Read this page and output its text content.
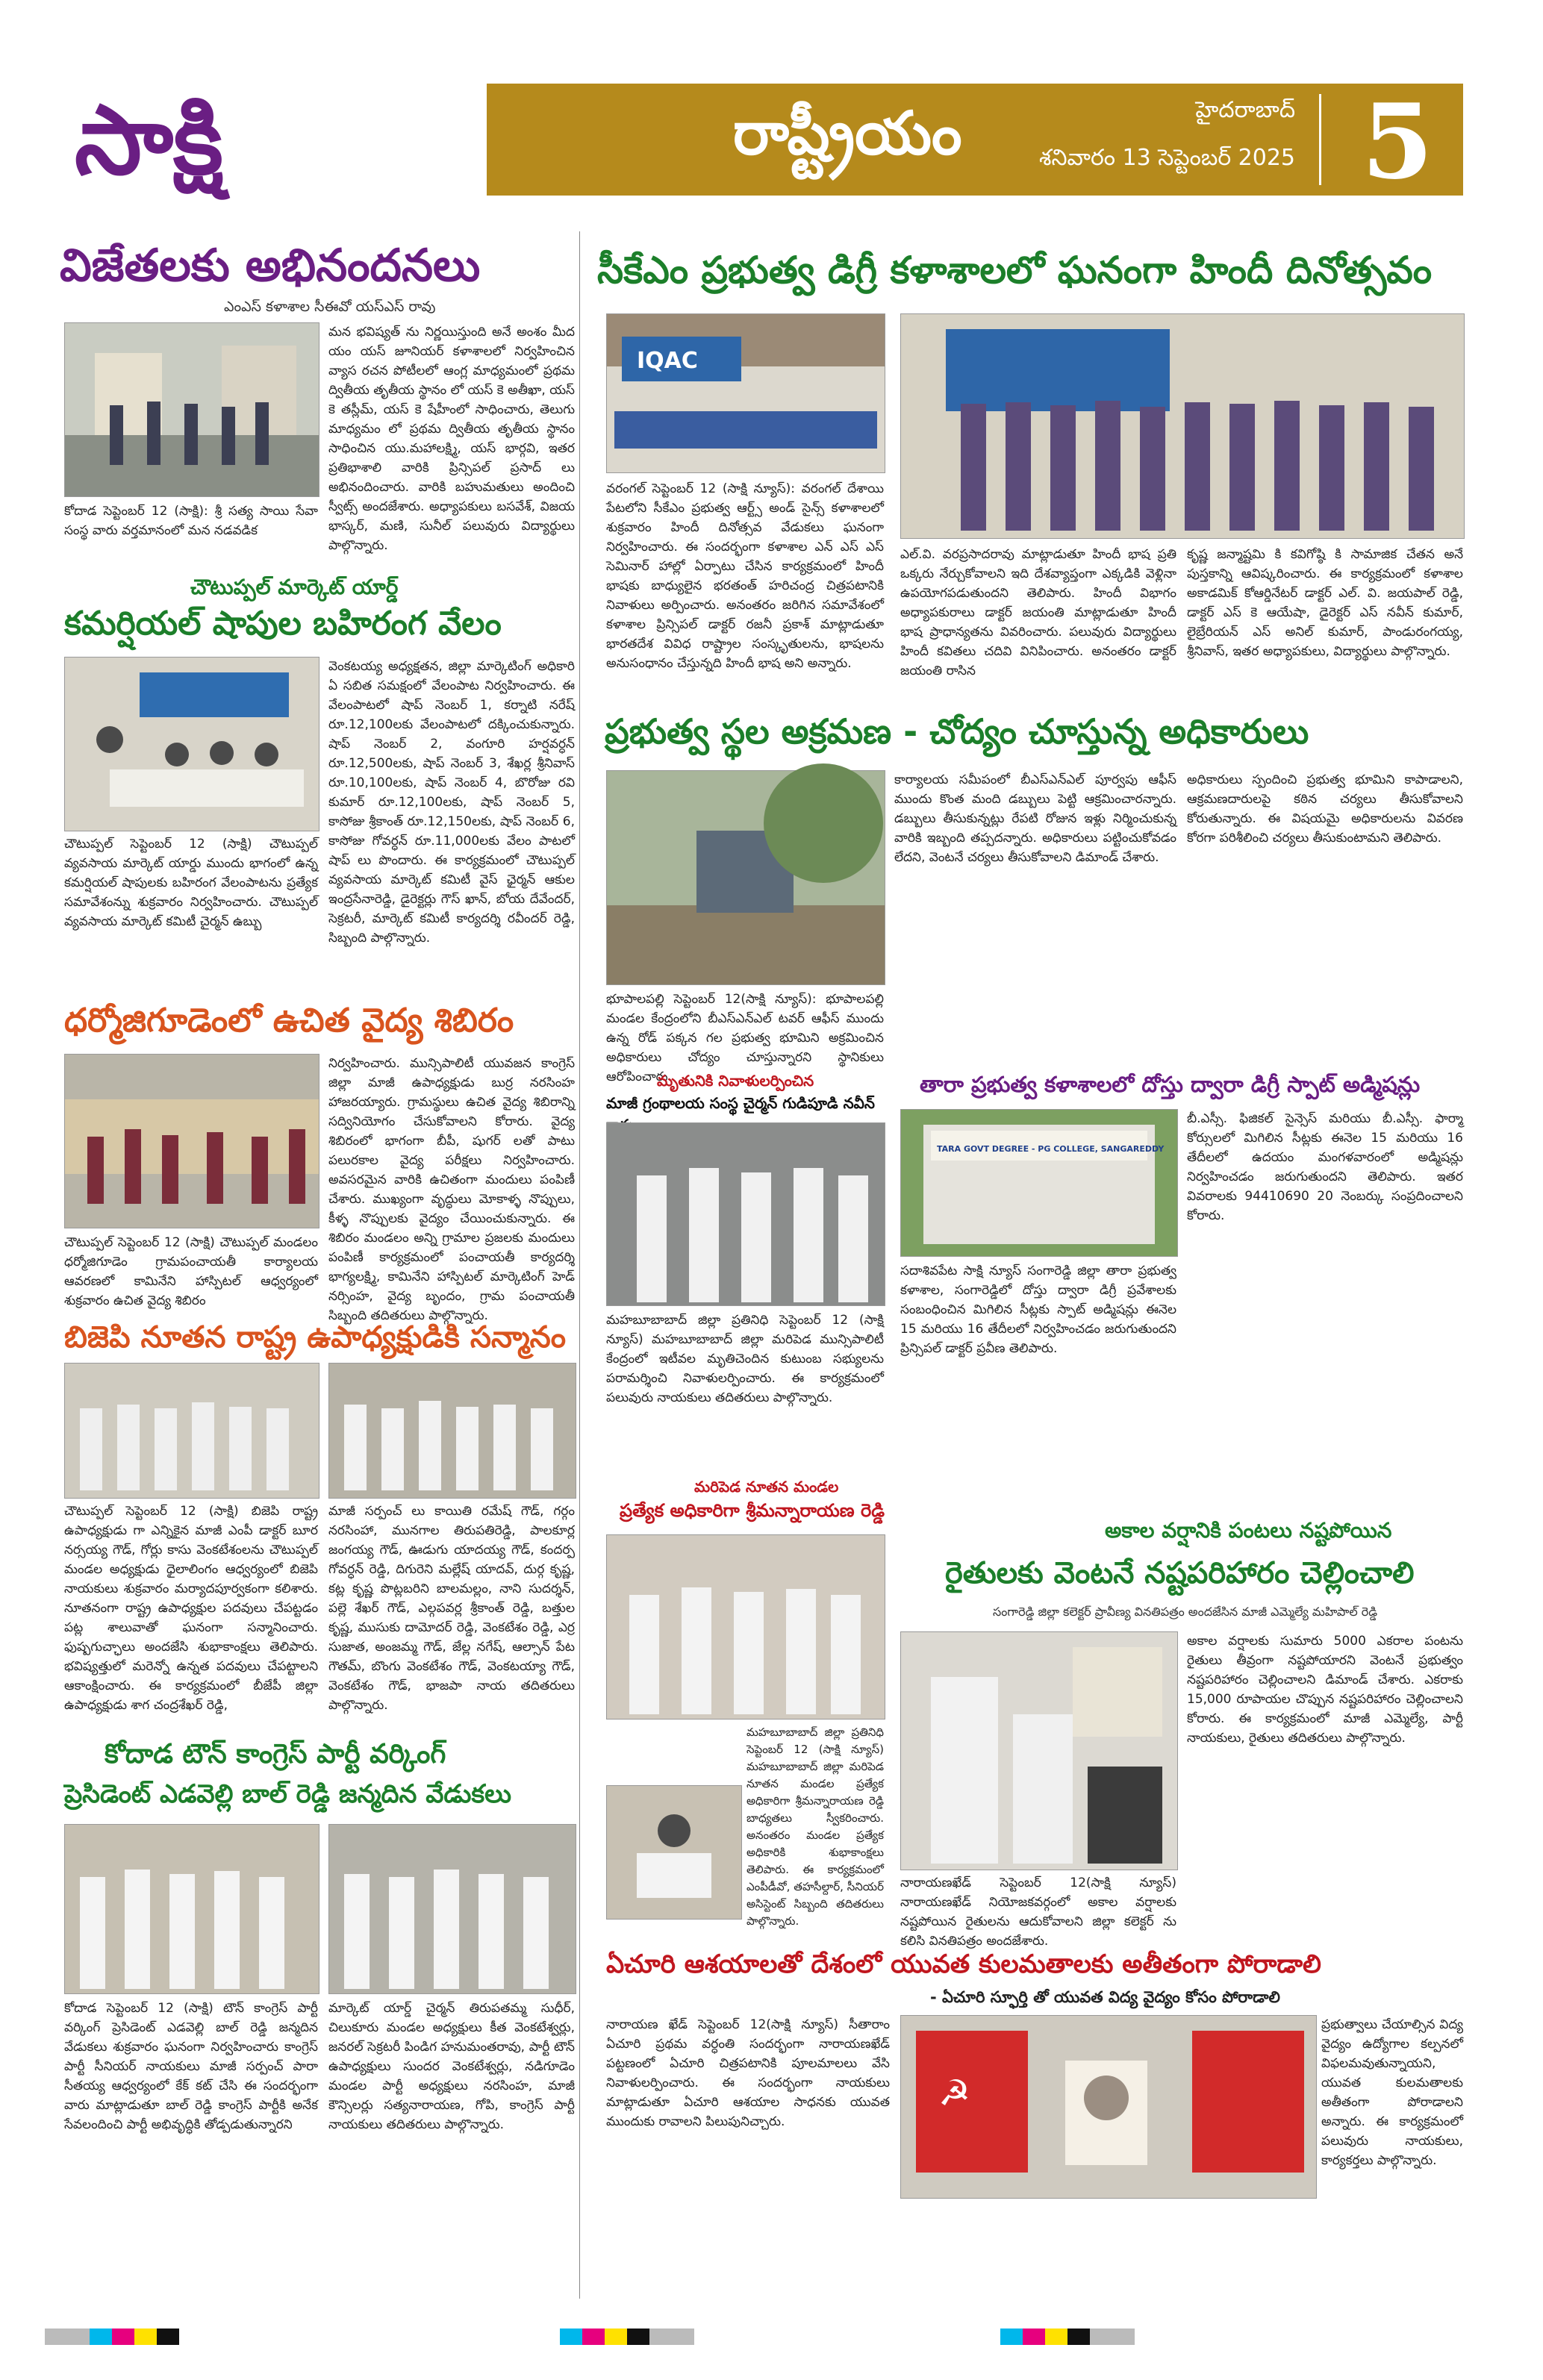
సాక్షి	రాష్ట్రీయం	హైదరాబాద్
శనివారం 13 సెప్టెంబర్ 2025 5
విజేతలకు అభినందనలు
ఎంఎస్ కళాశాల సీఈవో యస్ఎస్ రావు
కోదాడ సెప్టెంబర్ 12 (సాక్షి): శ్రీ సత్య సాయి సేవా సంస్థ వారు వర్తమానంలో మన నడవడిక
మన భవిష్యత్ ను నిర్ణయిస్తుంది అనే అంశం మీద యం యస్ జూనియర్ కళాశాలలో నిర్వహించిన వ్యాస రచన పోటీలలో ఆంగ్ల మాధ్యమంలో ప్రథమ ద్వితీయ తృతీయ స్థానం లో యస్ కె అతీఖా, యస్ కె తస్లీమ్, యస్ కె షేహీంలో సాధించారు, తెలుగు మాధ్యమం లో ప్రథమ ద్వితీయ తృతీయ స్థానం సాధించిన యు.మహాలక్ష్మి, యస్ భార్గవి, ఇతర ప్రతిభాశాలి వారికి ప్రిన్సిపల్ ప్రసాద్ లు అభినందించారు. వారికి బహుమతులు అందించి స్వీట్స్ అందజేశారు. అధ్యాపకులు బసవేశ్, విజయ భాస్కర్, మణి, సునీల్ పలువురు విద్యార్థులు పాల్గొన్నారు.
చౌటుప్పల్ మార్కెట్ యార్డ్
కమర్షియల్ షాపుల బహిరంగ వేలం
చౌటుప్పల్ సెప్టెంబర్ 12 (సాక్షి) చౌటుప్పల్ వ్యవసాయ మార్కెట్ యార్డు ముందు భాగంలో ఉన్న కమర్షియల్ షాపులకు బహిరంగ వేలంపాటను ప్రత్యేక సమావేశంన్ను శుక్రవారం నిర్వహించారు. చౌటుప్పల్ వ్యవసాయ మార్కెట్ కమిటీ చైర్మన్ ఉబ్బు
వెంకటయ్య అధ్యక్షతన, జిల్లా మార్కెటింగ్ అధికారి ఏ సబిత సమక్షంలో వేలంపాట నిర్వహించారు. ఈ వేలంపాటలో షాప్ నెంబర్ 1, కర్నాటి నరేష్ రూ.12,100లకు వేలంపాటలో దక్కించుకున్నారు. షాప్ నెంబర్ 2, వంగూరి హర్షవర్ధన్ రూ.12,500లకు, షాప్ నెంబర్ 3, శేఖర్ల శ్రీనివాస్ రూ.10,100లకు, షాప్ నెంబర్ 4, బొరోజు రవి కుమార్ రూ.12,100లకు, షాప్ నెంబర్ 5, కాసోజు శ్రీకాంత్ రూ.12,150లకు, షాప్ నెంబర్ 6, కాసోజు గోవర్ధన్ రూ.11,000లకు వేలం పాటలో షాప్ లు పొందారు. ఈ కార్యక్రమంలో చౌటుప్పల్ వ్యవసాయ మార్కెట్ కమిటీ వైస్ ఛైర్మన్ ఆకుల ఇంద్రసేనారెడ్డి, డైరెక్టర్లు గౌస్ ఖాన్, బోయ దేవేందర్, సెక్రటరీ, మార్కెట్ కమిటీ కార్యదర్శి రవీందర్ రెడ్డి, సిబ్బంది పాల్గొన్నారు.
ధర్మోజిగూడెంలో ఉచిత వైద్య శిబిరం
చౌటుప్పల్ సెప్టెంబర్ 12 (సాక్షి) చౌటుప్పల్ మండలం ధర్మోజిగూడెం గ్రామపంచాయతీ కార్యాలయ ఆవరణలో కామినేని హాస్పిటల్ ఆధ్వర్యంలో శుక్రవారం ఉచిత వైద్య శిబిరం
నిర్వహించారు. మున్సిపాలిటీ యువజన కాంగ్రెస్ జిల్లా మాజీ ఉపాధ్యక్షుడు బుర్ర నరసింహ హాజరయ్యారు. గ్రామస్థులు ఉచిత వైద్య శిబిరాన్ని సద్వినియోగం చేసుకోవాలని కోరారు. వైద్య శిబిరంలో భాగంగా బీపీ, షుగర్ లతో పాటు పలురకాల వైద్య పరీక్షలు నిర్వహించారు. అవసరమైన వారికి ఉచితంగా మందులు పంపిణీ చేశారు. ముఖ్యంగా వృద్ధులు మోకాళ్ళ నొప్పులు, కీళ్ళ నొప్పులకు వైద్యం చేయించుకున్నారు. ఈ శిబిరం మండలం అన్ని గ్రామాల ప్రజలకు మందులు పంపిణీ కార్యక్రమంలో పంచాయతీ కార్యదర్శి భాగ్యలక్ష్మి, కామినేని హాస్పిటల్ మార్కెటింగ్ హెడ్ నర్సింహ, వైద్య బృందం, గ్రామ పంచాయతీ సిబ్బంది తదితరులు పాల్గొన్నారు.
బిజెపి నూతన రాష్ట్ర ఉపాధ్యక్షుడికి సన్మానం
చౌటుప్పల్ సెప్టెంబర్ 12 (సాక్షి) బిజెపి రాష్ట్ర ఉపాధ్యక్షుడు గా ఎన్నికైన మాజీ ఎంపీ డాక్టర్ బూర నర్సయ్య గౌడ్, గోర్లు కాసు వెంకటేశంలను చౌటుప్పల్ మండల అధ్యక్షుడు ధైలాలింగం ఆధ్వర్యంలో బిజెపి నాయకులు శుక్రవారం మర్యాదపూర్వకంగా కలిశారు. నూతనంగా రాష్ట్ర ఉపాధ్యక్షుల పదవులు చేపట్టడం పట్ల శాలువాతో ఘనంగా సన్మానించారు. ఫుష్పగుచ్ఛాలు అందజేసి శుభాకాంక్షలు తెలిపారు. భవిష్యత్తులో మరెన్నో ఉన్నత పదవులు చేపట్టాలని ఆకాంక్షించారు. ఈ కార్యక్రమంలో బీజేపీ జిల్లా ఉపాధ్యక్షుడు శాగ చంద్రశేఖర్ రెడ్డి,
మాజీ సర్పంచ్ లు కాయితి రమేష్ గౌడ్, గర్గం నరసింహా, మునగాల తిరుపతిరెడ్డి, పాలకూర్ల జంగయ్య గౌడ్, ఊడుగు యాదయ్య గౌడ్, కందర్ప గోవర్ధన్ రెడ్డి, దిగురెని మల్లేష్ యాదవ్, దుర్గ కృష్ణ, కట్ల కృష్ణ పొట్లబరిని బాలమల్లం, నాని సుదర్శన్, పల్లె శేఖర్ గౌడ్, ఎల్గపవర్ల శ్రీకాంత్ రెడ్డి, బత్తుల కృష్ణ, ముసుకు దామోదర్ రెడ్డి, వెంకటేశం రెడ్డి, ఎర్ర సుజాత, అంజమ్మ గౌడ్, జేల్ల నగేష్, ఆల్సాన్ పేట గౌతమ్, బొంగు వెంకటేశం గౌడ్, వెంకటయ్యా గౌడ్, వెంకటేశం గౌడ్, భాజపా నాయ తదితరులు పాల్గొన్నారు.
కోదాడ టౌన్ కాంగ్రెస్ పార్టీ వర్కింగ్
ప్రెసిడెంట్ ఎడవెల్లి బాల్ రెడ్డి జన్మదిన వేడుకలు
కోదాడ సెప్టెంబర్ 12 (సాక్షి) టౌన్ కాంగ్రెస్ పార్టీ వర్కింగ్ ప్రెసిడెంట్ ఎడవెల్లి బాల్ రెడ్డి జన్మదిన వేడుకలు శుక్రవారం ఘనంగా నిర్వహించారు కాంగ్రెస్ పార్టీ సీనియర్ నాయకులు మాజీ సర్పంచ్ పారా సీతయ్య ఆధ్వర్యంలో కేక్ కట్ చేసి ఈ సందర్భంగా వారు మాట్లాడుతూ బాల్ రెడ్డి కాంగ్రెస్ పార్టీకి అనేక సేవలందించి పార్టీ అభివృద్ధికి తోడ్పడుతున్నారని
మార్కెట్ యార్డ్ చైర్మన్ తిరుపతమ్మ సుధీర్, చిలుకూరు మండల అధ్యక్షులు కీత వెంకటేశ్వర్లు, జనరల్ సెక్రటరీ పిండిగ హనుమంతరావు, పార్టీ టౌన్ ఉపాధ్యక్షులు సుందర వెంకటేశ్వర్లు, నడిగూడెం మండల పార్టీ అధ్యక్షులు నరసింహ, మాజీ కౌన్సిలర్లు సత్యనారాయణ, గోపి, కాంగ్రెస్ పార్టీ నాయకులు తదితరులు పాల్గొన్నారు.
సీకేఎం ప్రభుత్వ డిగ్రీ కళాశాలలో ఘనంగా హిందీ దినోత్సవం
IQAC
వరంగల్ సెప్టెంబర్ 12 (సాక్షి న్యూస్): వరంగల్ దేశాయి పేటలోని సీకేఎం ప్రభుత్వ ఆర్ట్స్ అండ్ సైన్స్ కళాశాలలో శుక్రవారం హిందీ దినోత్సవ వేడుకలు ఘనంగా నిర్వహించారు. ఈ సందర్భంగా కళాశాల ఎన్ ఎస్ ఎస్ సెమినార్ హాల్లో ఏర్పాటు చేసిన కార్యక్రమంలో హిందీ భాషకు బాధ్యులైన భరతంత్ హరిచంద్ర చిత్రపటానికి నివాళులు అర్పించారు. అనంతరం జరిగిన సమావేశంలో కళాశాల ప్రిన్సిపల్ డాక్టర్ రజనీ ప్రకాశ్ మాట్లాడుతూ భారతదేశ వివిధ రాష్ట్రాల సంస్కృతులను, భాషలను అనుసంధానం చేస్తున్నది హిందీ భాష అని అన్నారు.
ఎల్.వి. వరప్రసాదరావు మాట్లాడుతూ హిందీ భాష ప్రతి ఒక్కరు నేర్చుకోవాలని ఇది దేశవ్యాప్తంగా ఎక్కడికి వెళ్లినా ఉపయోగపడుతుందని తెలిపారు. హిందీ విభాగం అధ్యాపకురాలు డాక్టర్ జయంతి మాట్లాడుతూ హిందీ భాష ప్రాధాన్యతను వివరించారు. పలువురు విద్యార్థులు హిందీ కవితలు చదివి వినిపించారు. అనంతరం డాక్టర్ జయంతి రాసిన
కృష్ణ జన్మాష్టమి కి కవిగోష్ఠి కి సామాజిక చేతన అనే పుస్తకాన్ని ఆవిష్కరించారు. ఈ కార్యక్రమంలో కళాశాల అకాడమిక్ కోఆర్డినేటర్ డాక్టర్ ఎల్. వి. జయపాల్ రెడ్డి, డాక్టర్ ఎస్ కె ఆయేషా, డైరెక్టర్ ఎస్ నవీన్ కుమార్, లైబ్రేరియన్ ఎస్ అనిల్ కుమార్, పాండురంగయ్య, శ్రీనివాస్, ఇతర అధ్యాపకులు, విద్యార్థులు పాల్గొన్నారు.
ప్రభుత్వ స్థల అక్రమణ - చోద్యం చూస్తున్న అధికారులు
భూపాలపల్లి సెప్టెంబర్ 12(సాక్షి న్యూస్): భూపాలపల్లి మండల కేంద్రంలోని బీఎస్ఎన్ఎల్ టవర్ ఆఫీస్ ముందు ఉన్న రోడ్ పక్కన గల ప్రభుత్వ భూమిని అక్రమించిన అధికారులు చోద్యం చూస్తున్నారని స్థానికులు ఆరోపించారు.
కార్యాలయ సమీపంలో బీఎస్ఎన్ఎల్ పూర్వపు ఆఫీస్ ముందు కొంత మంది డబ్బులు పెట్టి ఆక్రమించారన్నారు. డబ్బులు తీసుకున్నట్లు రేపటి రోజున ఇళ్లు నిర్మించుకున్న వారికి ఇబ్బంది తప్పదన్నారు. అధికారులు పట్టించుకోవడం లేదని, వెంటనే చర్యలు తీసుకోవాలని డిమాండ్ చేశారు.
అధికారులు స్పందించి ప్రభుత్వ భూమిని కాపాడాలని, ఆక్రమణదారులపై కఠిన చర్యలు తీసుకోవాలని కోరుతున్నారు. ఈ విషయమై అధికారులను వివరణ కోరగా పరిశీలించి చర్యలు తీసుకుంటామని తెలిపారు.
మృతునికి నివాళులర్పించిన
మాజీ గ్రంథాలయ సంస్థ చైర్మన్ గుడిపూడి నవీన్
మహబూబాబాద్ జిల్లా ప్రతినిధి సెప్టెంబర్ 12 (సాక్షి న్యూస్) మహబూబాబాద్ జిల్లా మరిపెడ మున్సిపాలిటీ కేంద్రంలో ఇటీవల మృతిచెందిన కుటుంబ సభ్యులను పరామర్శించి నివాళులర్పించారు. ఈ కార్యక్రమంలో పలువురు నాయకులు తదితరులు పాల్గొన్నారు.
మరిపెడ నూతన మండల
ప్రత్యేక అధికారిగా శ్రీమన్నారాయణ రెడ్డి
మహబూబాబాద్ జిల్లా ప్రతినిధి సెప్టెంబర్ 12 (సాక్షి న్యూస్) మహబూబాబాద్ జిల్లా మరిపెడ నూతన మండల ప్రత్యేక అధికారిగా శ్రీమన్నారాయణ రెడ్డి బాధ్యతలు స్వీకరించారు. అనంతరం మండల ప్రత్యేక అధికారికి శుభాకాంక్షలు తెలిపారు. ఈ కార్యక్రమంలో ఎంపీడీవో, తహసీల్దార్, సీనియర్ అసిస్టెంట్ సిబ్బంది తదితరులు పాల్గొన్నారు.
తారా ప్రభుత్వ కళాశాలలో దోస్తు ద్వారా డిగ్రీ స్పాట్ అడ్మిషన్లు
TARA GOVT DEGREE - PG COLLEGE, SANGAREDDY
సదాశివపేట సాక్షి న్యూస్ సంగారెడ్డి జిల్లా తారా ప్రభుత్వ కళాశాల, సంగారెడ్డిలో దోస్తు ద్వారా డిగ్రీ ప్రవేశాలకు సంబంధించిన మిగిలిన సీట్లకు స్పాట్ అడ్మిషన్లు ఈనెల 15 మరియు 16 తేదీలలో నిర్వహించడం జరుగుతుందని ప్రిన్సిపల్ డాక్టర్ ప్రవీణ తెలిపారు.
బీ.ఎస్సీ. ఫిజికల్ సైన్సెస్ మరియు బీ.ఎస్సీ. ఫార్మా కోర్సులలో మిగిలిన సీట్లకు ఈనెల 15 మరియు 16 తేదీలలో ఉదయం మంగళవారంలో అడ్మిషన్లు నిర్వహించడం జరుగుతుందని తెలిపారు. ఇతర వివరాలకు 94410690 20 నెంబర్కు సంప్రదించాలని కోరారు.
అకాల వర్షానికి పంటలు నష్టపోయిన
రైతులకు వెంటనే నష్టపరిహారం చెల్లించాలి
సంగారెడ్డి జిల్లా కలెక్టర్ ప్రావీణ్య వినతిపత్రం అందజేసిన మాజీ ఎమ్మెల్యే మహిపాల్ రెడ్డి
నారాయణఖేడ్ సెప్టెంబర్ 12(సాక్షి న్యూస్) నారాయణఖేడ్ నియోజకవర్గంలో అకాల వర్షాలకు నష్టపోయిన రైతులను ఆదుకోవాలని జిల్లా కలెక్టర్ ను కలిసి వినతిపత్రం అందజేశారు.
అకాల వర్షాలకు సుమారు 5000 ఎకరాల పంటను రైతులు తీవ్రంగా నష్టపోయారని వెంటనే ప్రభుత్వం నష్టపరిహారం చెల్లించాలని డిమాండ్ చేశారు. ఎకరాకు 15,000 రూపాయల చొప్పున నష్టపరిహారం చెల్లించాలని కోరారు. ఈ కార్యక్రమంలో మాజీ ఎమ్మెల్యే, పార్టీ నాయకులు, రైతులు తదితరులు పాల్గొన్నారు.
ఏచూరి ఆశయాలతో దేశంలో యువత కులమతాలకు అతీతంగా పోరాడాలి
- ఏచూరి స్ఫూర్తి తో యువత విద్య వైద్యం కోసం పోరాడాలి
నారాయణ ఖేడ్ సెప్టెంబర్ 12(సాక్షి న్యూస్) సీతారాం ఏచూరి ప్రథమ వర్ధంతి సందర్భంగా నారాయణఖేడ్ పట్టణంలో ఏచూరి చిత్రపటానికి పూలమాలలు వేసి నివాళులర్పించారు. ఈ సందర్భంగా నాయకులు మాట్లాడుతూ ఏచూరి ఆశయాల సాధనకు యువత ముందుకు రావాలని పిలుపునిచ్చారు.
☭
ప్రభుత్వాలు చేయాల్సిన విద్య వైద్యం ఉద్యోగాల కల్పనలో విఫలమవుతున్నాయని, యువత కులమతాలకు అతీతంగా పోరాడాలని అన్నారు. ఈ కార్యక్రమంలో పలువురు నాయకులు, కార్యకర్తలు పాల్గొన్నారు.
